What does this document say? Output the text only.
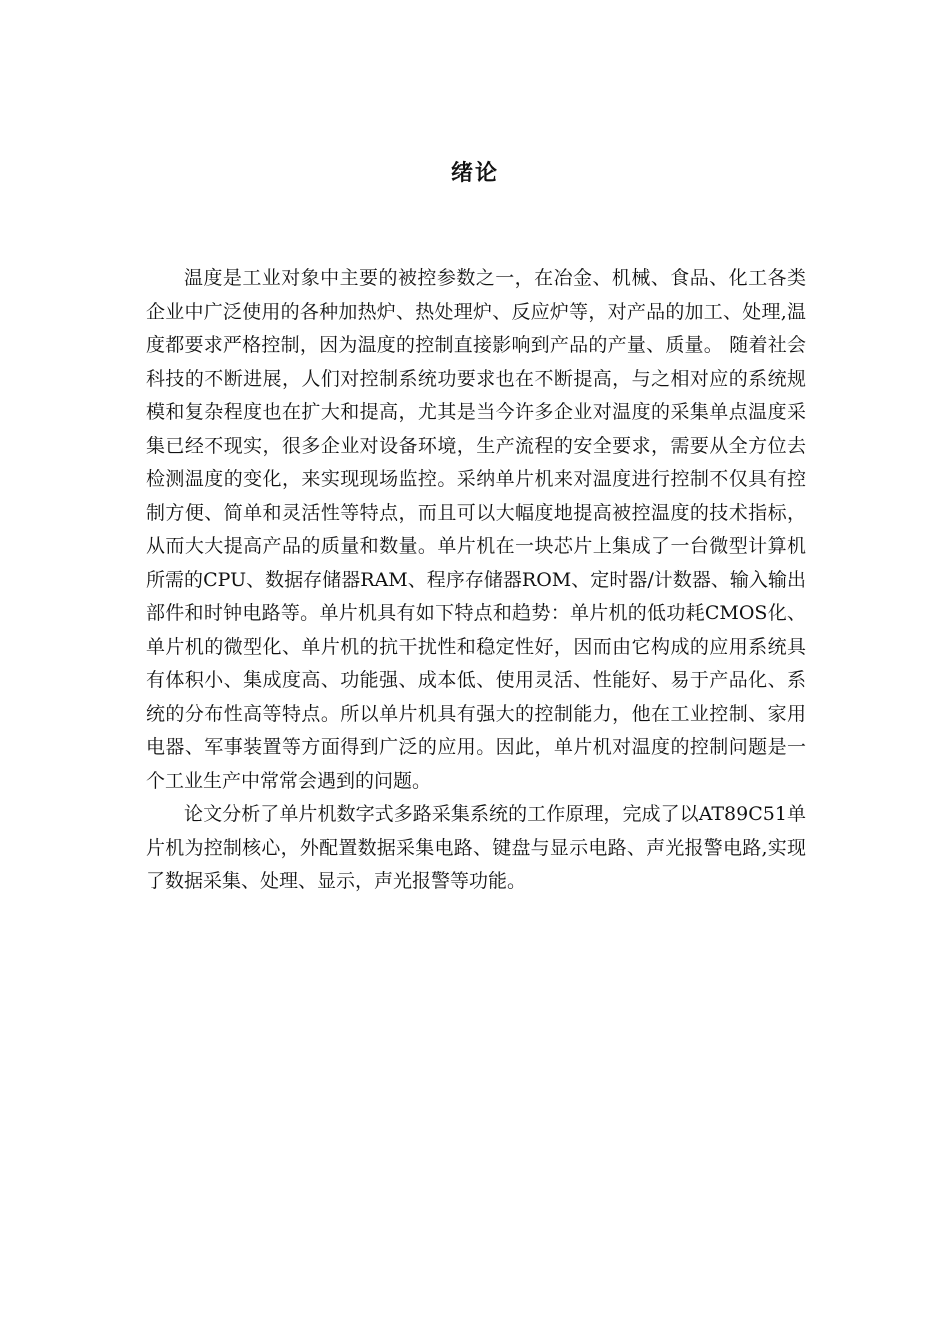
绪论

温度是工业对象中主要的被控参数之一，在冶金、机械、食品、化工各类企业中广泛使用的各种加热炉、热处理炉、反应炉等，对产品的加工、处理,温度都要求严格控制，因为温度的控制直接影响到产品的产量、质量。 随着社会科技的不断进展，人们对控制系统功要求也在不断提高，与之相对应的系统规模和复杂程度也在扩大和提高，尤其是当今许多企业对温度的采集单点温度采集已经不现实，很多企业对设备环境，生产流程的安全要求，需要从全方位去检测温度的变化，来实现现场监控。采纳单片机来对温度进行控制不仅具有控制方便、简单和灵活性等特点，而且可以大幅度地提高被控温度的技术指标，从而大大提高产品的质量和数量。单片机在一块芯片上集成了一台微型计算机所需的CPU、数据存储器RAM、程序存储器ROM、定时器/计数器、输入输出部件和时钟电路等。单片机具有如下特点和趋势：单片机的低功耗CMOS化、单片机的微型化、单片机的抗干扰性和稳定性好，因而由它构成的应用系统具有体积小、集成度高、功能强、成本低、使用灵活、性能好、易于产品化、系统的分布性高等特点。所以单片机具有强大的控制能力，他在工业控制、家用电器、军事装置等方面得到广泛的应用。因此，单片机对温度的控制问题是一个工业生产中常常会遇到的问题。

论文分析了单片机数字式多路采集系统的工作原理，完成了以AT89C51单片机为控制核心，外配置数据采集电路、键盘与显示电路、声光报警电路,实现了数据采集、处理、显示，声光报警等功能。
